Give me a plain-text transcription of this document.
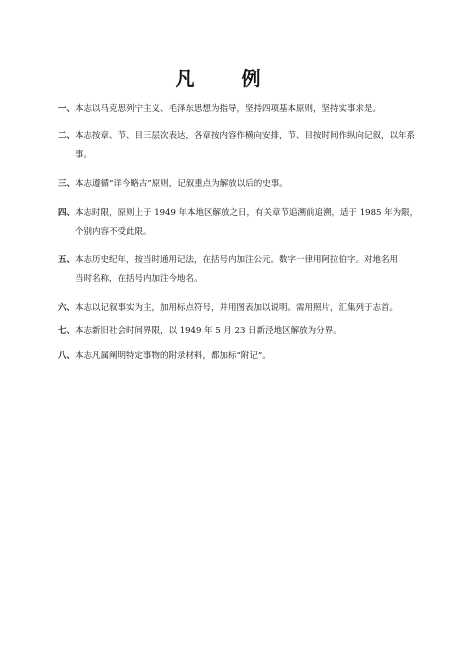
凡　例
一、 本志以马克思列宁主义、毛泽东思想为指导，坚持四项基本原则，坚持实事求是。
二、 本志按章、节、目三层次表达，各章按内容作横向安排，节、目按时间作纵向记叙，以年系
事。
三、 本志遵循“详今略古”原则，记叙重点为解放以后的史事。
四、 本志时限，原则上于 1949 年本地区解放之日，有关章节追溯前追溯，适于 1985 年为限，
个别内容不受此限。
五、 本志历史纪年，按当时通用记法，在括号内加注公元。数字一律用阿拉伯字。对地名用
当时名称，在括号内加注今地名。
六、 本志以记叙事实为主，加用标点符号，并用图表加以说明。需用照片，汇集列于志首。
七、 本志新旧社会时间界限，以 1949 年 5 月 23 日新泾地区解放为分界。
八、 本志凡属阐明特定事物的附录材料，都加标“附记”。
